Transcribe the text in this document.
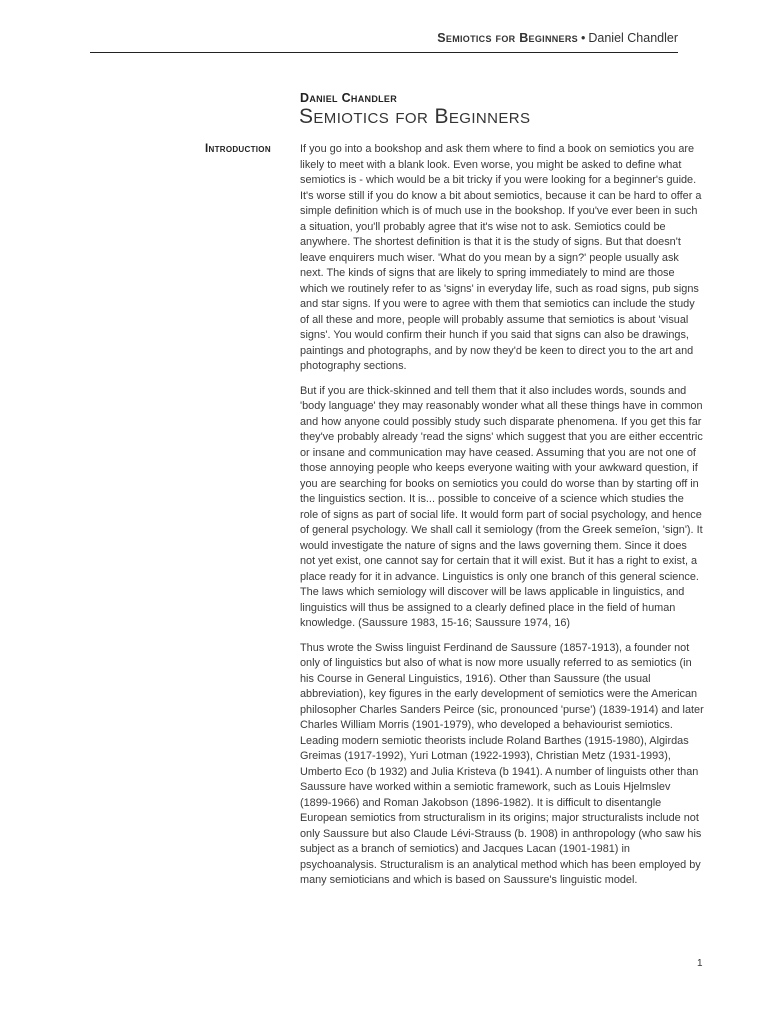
Semiotics for Beginners • Daniel Chandler
Daniel Chandler
Semiotics for Beginners
Introduction	If you go into a bookshop and ask them where to find a book on semiotics you are likely to meet with a blank look. Even worse, you might be asked to define what semiotics is - which would be a bit tricky if you were looking for a beginner's guide. It's worse still if you do know a bit about semiotics, because it can be hard to offer a simple definition which is of much use in the bookshop. If you've ever been in such a situation, you'll probably agree that it's wise not to ask. Semiotics could be anywhere. The shortest definition is that it is the study of signs. But that doesn't leave enquirers much wiser. 'What do you mean by a sign?' people usually ask next. The kinds of signs that are likely to spring immediately to mind are those which we routinely refer to as 'signs' in everyday life, such as road signs, pub signs and star signs. If you were to agree with them that semiotics can include the study of all these and more, people will probably assume that semiotics is about 'visual signs'. You would confirm their hunch if you said that signs can also be drawings, paintings and photographs, and by now they'd be keen to direct you to the art and photography sections.

But if you are thick-skinned and tell them that it also includes words, sounds and 'body language' they may reasonably wonder what all these things have in common and how anyone could possibly study such disparate phenomena. If you get this far they've probably already 'read the signs' which suggest that you are either eccentric or insane and communication may have ceased. Assuming that you are not one of those annoying people who keeps everyone waiting with your awkward question, if you are searching for books on semiotics you could do worse than by starting off in the linguistics section. It is... possible to conceive of a science which studies the role of signs as part of social life. It would form part of social psychology, and hence of general psychology. We shall call it semiology (from the Greek semeîon, 'sign'). It would investigate the nature of signs and the laws governing them. Since it does not yet exist, one cannot say for certain that it will exist. But it has a right to exist, a place ready for it in advance. Linguistics is only one branch of this general science. The laws which semiology will discover will be laws applicable in linguistics, and linguistics will thus be assigned to a clearly defined place in the field of human knowledge. (Saussure 1983, 15-16; Saussure 1974, 16)

Thus wrote the Swiss linguist Ferdinand de Saussure (1857-1913), a founder not only of linguistics but also of what is now more usually referred to as semiotics (in his Course in General Linguistics, 1916). Other than Saussure (the usual abbreviation), key figures in the early development of semiotics were the American philosopher Charles Sanders Peirce (sic, pronounced 'purse') (1839-1914) and later Charles William Morris (1901-1979), who developed a behaviourist semiotics. Leading modern semiotic theorists include Roland Barthes (1915-1980), Algirdas Greimas (1917-1992), Yuri Lotman (1922-1993), Christian Metz (1931-1993), Umberto Eco (b 1932) and Julia Kristeva (b 1941). A number of linguists other than Saussure have worked within a semiotic framework, such as Louis Hjelmslev (1899-1966) and Roman Jakobson (1896-1982). It is difficult to disentangle European semiotics from structuralism in its origins; major structuralists include not only Saussure but also Claude Lévi-Strauss (b. 1908) in anthropology (who saw his subject as a branch of semiotics) and Jacques Lacan (1901-1981) in psychoanalysis. Structuralism is an analytical method which has been employed by many semioticians and which is based on Saussure's linguistic model.

1
